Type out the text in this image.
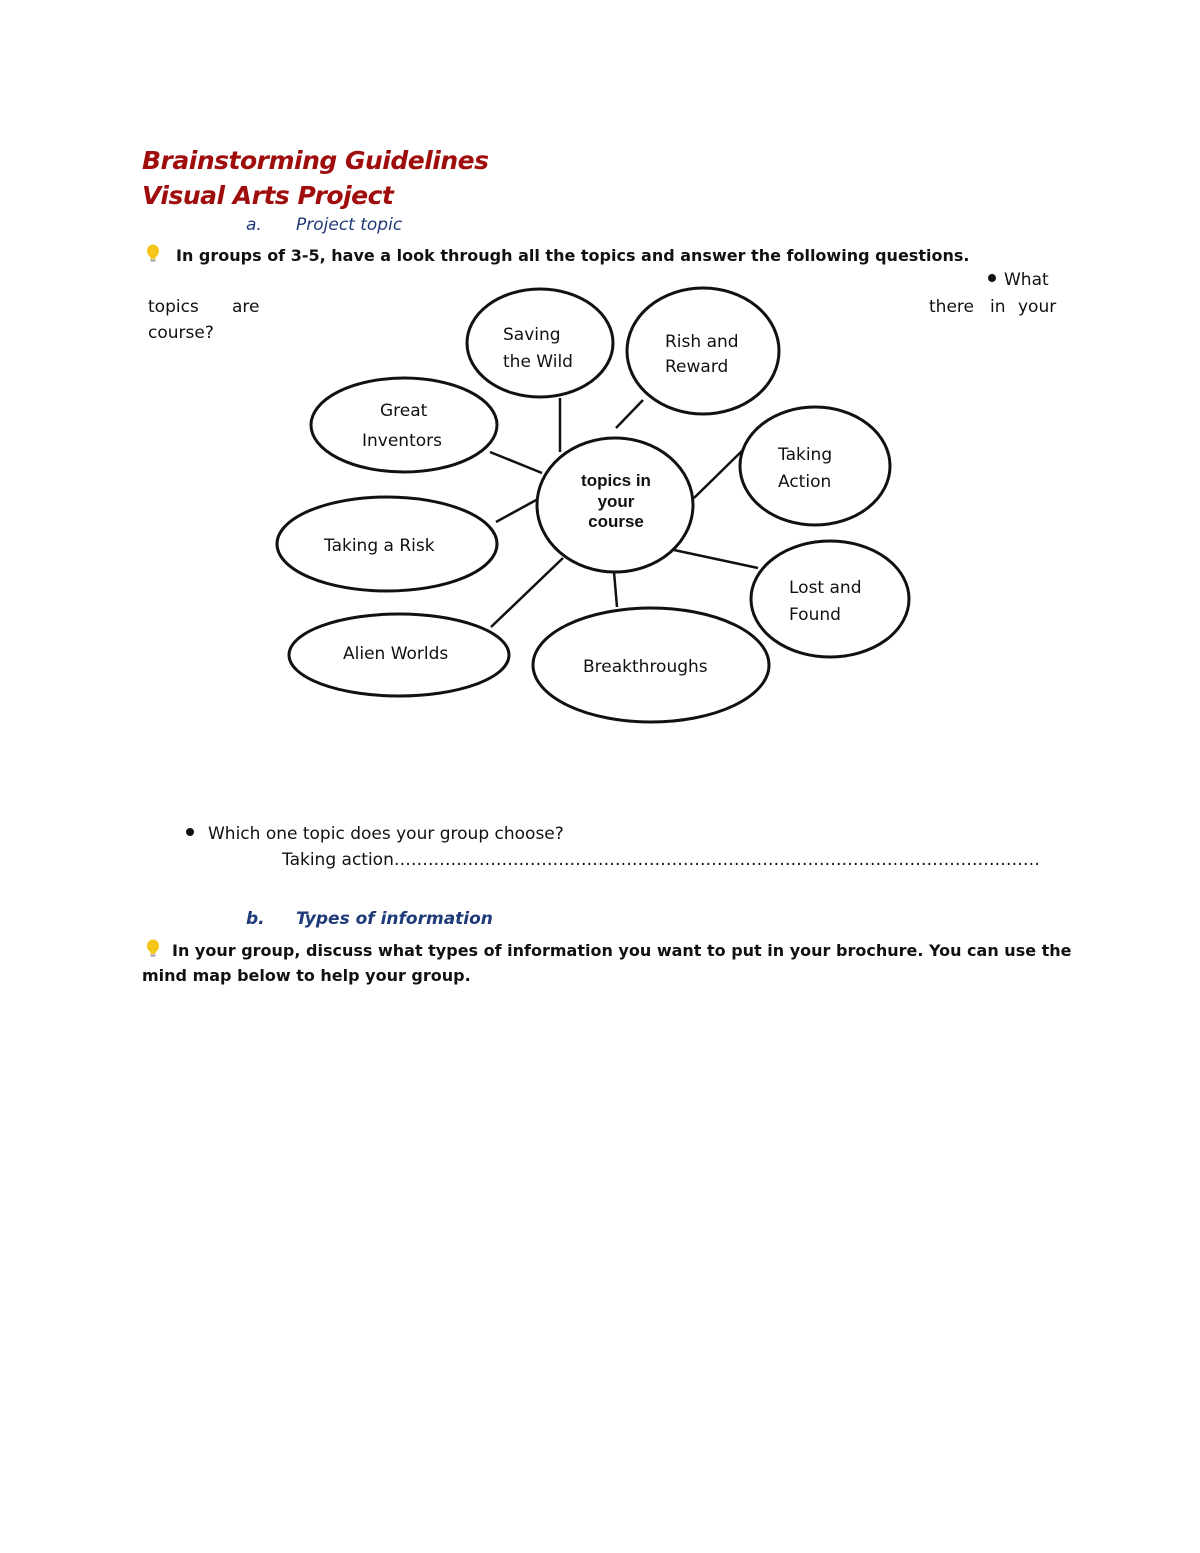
Brainstorming Guidelines
Visual Arts Project
a. Project topic
In groups of 3-5, have a look through all the topics and answer the following questions.
What
topics are	there in your
course?
topics in
your
course
Saving
the Wild
Rish and
Reward
Great
Inventors
Taking
Action
Taking a Risk
Lost and
Found
Alien Worlds
Breakthroughs
Which one topic does your group choose?
Taking action……………………………………………………………………………………………………
b. Types of information
In your group, discuss what types of information you want to put in your brochure. You can use the
mind map below to help your group.
